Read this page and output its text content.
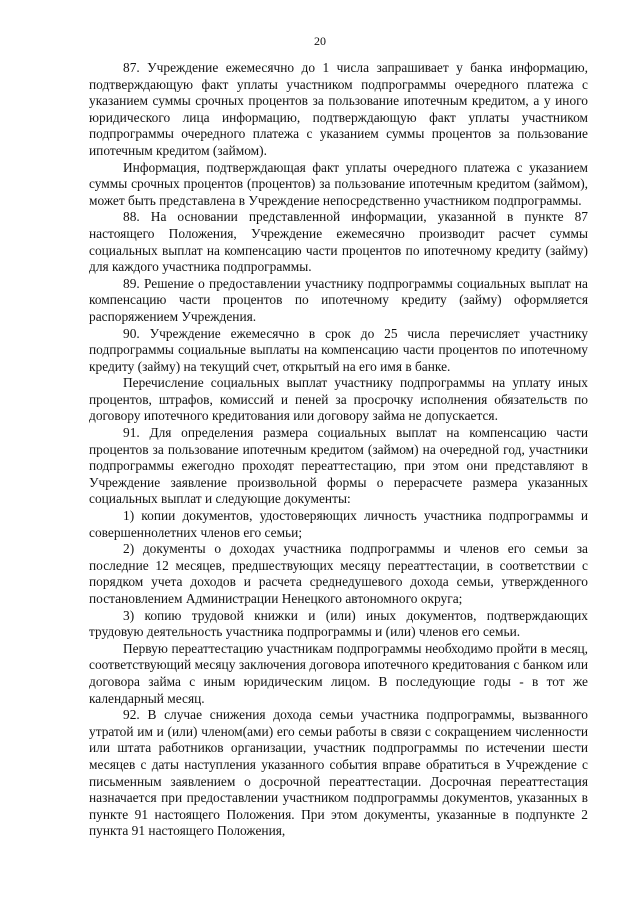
20

87. Учреждение ежемесячно до 1 числа запрашивает у банка информацию, подтверждающую факт уплаты участником подпрограммы очередного платежа с указанием суммы срочных процентов за пользование ипотечным кредитом, а у иного юридического лица информацию, подтверждающую факт уплаты участником подпрограммы очередного платежа с указанием суммы процентов за пользование ипотечным кредитом (займом).

Информация, подтверждающая факт уплаты очередного платежа с указанием суммы срочных процентов (процентов) за пользование ипотечным кредитом (займом), может быть представлена в Учреждение непосредственно участником подпрограммы.

88. На основании представленной информации, указанной в пункте 87 настоящего Положения, Учреждение ежемесячно производит расчет суммы социальных выплат на компенсацию части процентов по ипотечному кредиту (займу) для каждого участника подпрограммы.

89. Решение о предоставлении участнику подпрограммы социальных выплат на компенсацию части процентов по ипотечному кредиту (займу) оформляется распоряжением Учреждения.

90. Учреждение ежемесячно в срок до 25 числа перечисляет участнику подпрограммы социальные выплаты на компенсацию части процентов по ипотечному кредиту (займу) на текущий счет, открытый на его имя в банке.

Перечисление социальных выплат участнику подпрограммы на уплату иных процентов, штрафов, комиссий и пеней за просрочку исполнения обязательств по договору ипотечного кредитования или договору займа не допускается.

91. Для определения размера социальных выплат на компенсацию части процентов за пользование ипотечным кредитом (займом) на очередной год, участники подпрограммы ежегодно проходят переаттестацию, при этом они представляют в Учреждение заявление произвольной формы о перерасчете размера указанных социальных выплат и следующие документы:

1) копии документов, удостоверяющих личность участника подпрограммы и совершеннолетних членов его семьи;

2) документы о доходах участника подпрограммы и членов его семьи за последние 12 месяцев, предшествующих месяцу переаттестации, в соответствии с порядком учета доходов и расчета среднедушевого дохода семьи, утвержденного постановлением Администрации Ненецкого автономного округа;

3) копию трудовой книжки и (или) иных документов, подтверждающих трудовую деятельность участника подпрограммы и (или) членов его семьи.

Первую переаттестацию участникам подпрограммы необходимо пройти в месяц, соответствующий месяцу заключения договора ипотечного кредитования с банком или договора займа с иным юридическим лицом. В последующие годы - в тот же календарный месяц.

92. В случае снижения дохода семьи участника подпрограммы, вызванного утратой им и (или) членом(ами) его семьи работы в связи с сокращением численности или штата работников организации, участник подпрограммы по истечении шести месяцев с даты наступления указанного события вправе обратиться в Учреждение с письменным заявлением о досрочной переаттестации. Досрочная переаттестация назначается при предоставлении участником подпрограммы документов, указанных в пункте 91 настоящего Положения. При этом документы, указанные в подпункте 2 пункта 91 настоящего Положения,
